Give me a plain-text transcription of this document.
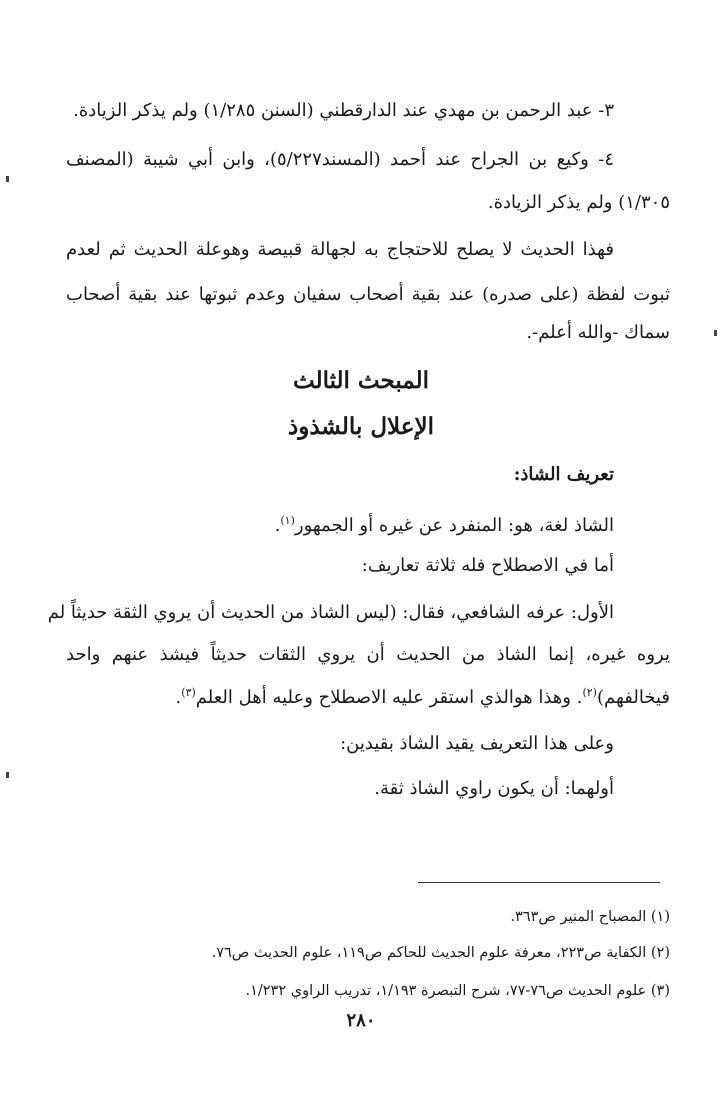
٣- عبد الرحمن بن مهدي عند الدارقطني (السنن ١/٢٨٥) ولم يذكر الزيادة.
٤- وكيع بن الجراح عند أحمد (المسند٥/٢٢٧)، وابن أبي شيبة (المصنف
١/٣٠٥) ولم يذكر الزيادة.
فهذا الحديث لا يصلح للاحتجاج به لجهالة قبيصة وهوعلة الحديث ثم لعدم
ثبوت لفظة (على صدره) عند بقية أصحاب سفيان وعدم ثبوتها عند بقية أصحاب
سماك -والله أعلم-.
المبحث الثالث
الإعلال بالشذوذ
تعريف الشاذ:
الشاذ لغة، هو: المنفرد عن غيره أو الجمهور$^{(١)}$.
أما في الاصطلاح فله ثلاثة تعاريف:
الأول: عرفه الشافعي، فقال: (ليس الشاذ من الحديث أن يروي الثقة حديثاً لم
يروه غيره، إنما الشاذ من الحديث أن يروي الثقات حديثاً فيشذ عنهم واحد
فيخالفهم)$^{(٢)}$. وهذا هوالذي استقر عليه الاصطلاح وعليه أهل العلم$^{(٣)}$.
وعلى هذا التعريف يقيد الشاذ بقيدين:
أولهما: أن يكون راوي الشاذ ثقة.
(١) المصباح المنير ص٣٦٣.
(٢) الكفاية ص٢٢٣، معرفة علوم الحديث للحاكم ص١١٩، علوم الحديث ص٧٦.
(٣) علوم الحديث ص٧٦-٧٧، شرح التبصرة ١/١٩٣، تدريب الراوي ١/٢٣٢.
٢٨٠
